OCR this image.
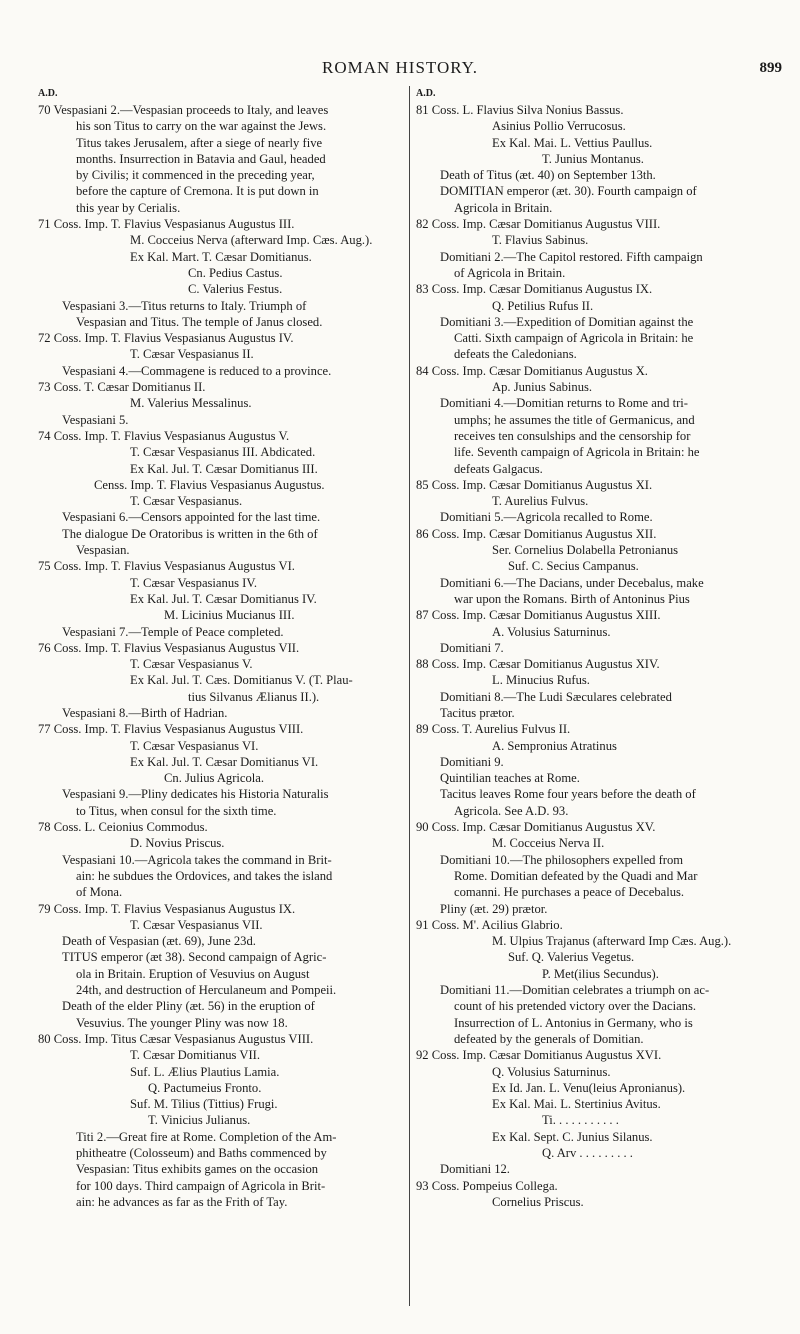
ROMAN HISTORY.	899
A.D.
70 Vespasiani 2.—Vespasian proceeds to Italy, and leaves
his son Titus to carry on the war against the Jews.
Titus takes Jerusalem, after a siege of nearly five
months. Insurrection in Batavia and Gaul, headed
by Civilis; it commenced in the preceding year,
before the capture of Cremona. It is put down in
this year by Cerialis.
71 Coss. Imp. T. Flavius Vespasianus Augustus III.
M. Cocceius Nerva (afterward Imp. Cæs. Aug.).
Ex Kal. Mart. T. Cæsar Domitianus.
Cn. Pedius Castus.
C. Valerius Festus.
Vespasiani 3.—Titus returns to Italy. Triumph of
Vespasian and Titus. The temple of Janus closed.
72 Coss. Imp. T. Flavius Vespasianus Augustus IV.
T. Cæsar Vespasianus II.
Vespasiani 4.—Commagene is reduced to a province.
73 Coss. T. Cæsar Domitianus II.
M. Valerius Messalinus.
Vespasiani 5.
74 Coss. Imp. T. Flavius Vespasianus Augustus V.
T. Cæsar Vespasianus III. Abdicated.
Ex Kal. Jul. T. Cæsar Domitianus III.
Censs. Imp. T. Flavius Vespasianus Augustus.
T. Cæsar Vespasianus.
Vespasiani 6.—Censors appointed for the last time.
The dialogue De Oratoribus is written in the 6th of
Vespasian.
75 Coss. Imp. T. Flavius Vespasianus Augustus VI.
T. Cæsar Vespasianus IV.
Ex Kal. Jul. T. Cæsar Domitianus IV.
M. Licinius Mucianus III.
Vespasiani 7.—Temple of Peace completed.
76 Coss. Imp. T. Flavius Vespasianus Augustus VII.
T. Cæsar Vespasianus V.
Ex Kal. Jul. T. Cæs. Domitianus V. (T. Plau-
tius Silvanus Ælianus II.).
Vespasiani 8.—Birth of Hadrian.
77 Coss. Imp. T. Flavius Vespasianus Augustus VIII.
T. Cæsar Vespasianus VI.
Ex Kal. Jul. T. Cæsar Domitianus VI.
Cn. Julius Agricola.
Vespasiani 9.—Pliny dedicates his Historia Naturalis
to Titus, when consul for the sixth time.
78 Coss. L. Ceionius Commodus.
D. Novius Priscus.
Vespasiani 10.—Agricola takes the command in Brit-
ain: he subdues the Ordovices, and takes the island
of Mona.
79 Coss. Imp. T. Flavius Vespasianus Augustus IX.
T. Cæsar Vespasianus VII.
Death of Vespasian (æt. 69), June 23d.
TITUS emperor (æt 38). Second campaign of Agric-
ola in Britain. Eruption of Vesuvius on August
24th, and destruction of Herculaneum and Pompeii.
Death of the elder Pliny (æt. 56) in the eruption of
Vesuvius. The younger Pliny was now 18.
80 Coss. Imp. Titus Cæsar Vespasianus Augustus VIII.
T. Cæsar Domitianus VII.
Suf. L. Ælius Plautius Lamia.
Q. Pactumeius Fronto.
Suf. M. Tilius (Tittius) Frugi.
T. Vinicius Julianus.
Titi 2.—Great fire at Rome. Completion of the Am-
phitheatre (Colosseum) and Baths commenced by
Vespasian: Titus exhibits games on the occasion
for 100 days. Third campaign of Agricola in Brit-
ain: he advances as far as the Frith of Tay.
A.D.
81 Coss. L. Flavius Silva Nonius Bassus.
Asinius Pollio Verrucosus.
Ex Kal. Mai. L. Vettius Paullus.
T. Junius Montanus.
Death of Titus (æt. 40) on September 13th.
DOMITIAN emperor (æt. 30). Fourth campaign of
Agricola in Britain.
82 Coss. Imp. Cæsar Domitianus Augustus VIII.
T. Flavius Sabinus.
Domitiani 2.—The Capitol restored. Fifth campaign
of Agricola in Britain.
83 Coss. Imp. Cæsar Domitianus Augustus IX.
Q. Petilius Rufus II.
Domitiani 3.—Expedition of Domitian against the
Catti. Sixth campaign of Agricola in Britain: he
defeats the Caledonians.
84 Coss. Imp. Cæsar Domitianus Augustus X.
Ap. Junius Sabinus.
Domitiani 4.—Domitian returns to Rome and tri-
umphs; he assumes the title of Germanicus, and
receives ten consulships and the censorship for
life. Seventh campaign of Agricola in Britain: he
defeats Galgacus.
85 Coss. Imp. Cæsar Domitianus Augustus XI.
T. Aurelius Fulvus.
Domitiani 5.—Agricola recalled to Rome.
86 Coss. Imp. Cæsar Domitianus Augustus XII.
Ser. Cornelius Dolabella Petronianus
Suf. C. Secius Campanus.
Domitiani 6.—The Dacians, under Decebalus, make
war upon the Romans. Birth of Antoninus Pius
87 Coss. Imp. Cæsar Domitianus Augustus XIII.
A. Volusius Saturninus.
Domitiani 7.
88 Coss. Imp. Cæsar Domitianus Augustus XIV.
L. Minucius Rufus.
Domitiani 8.—The Ludi Sæculares celebrated
Tacitus prætor.
89 Coss. T. Aurelius Fulvus II.
A. Sempronius Atratinus
Domitiani 9.
Quintilian teaches at Rome.
Tacitus leaves Rome four years before the death of
Agricola. See A.D. 93.
90 Coss. Imp. Cæsar Domitianus Augustus XV.
M. Cocceius Nerva II.
Domitiani 10.—The philosophers expelled from
Rome. Domitian defeated by the Quadi and Mar
comanni. He purchases a peace of Decebalus.
Pliny (æt. 29) prætor.
91 Coss. M'. Acilius Glabrio.
M. Ulpius Trajanus (afterward Imp Cæs. Aug.).
Suf. Q. Valerius Vegetus.
P. Met(ilius Secundus).
Domitiani 11.—Domitian celebrates a triumph on ac-
count of his pretended victory over the Dacians.
Insurrection of L. Antonius in Germany, who is
defeated by the generals of Domitian.
92 Coss. Imp. Cæsar Domitianus Augustus XVI.
Q. Volusius Saturninus.
Ex Id. Jan. L. Venu(leius Apronianus).
Ex Kal. Mai. L. Stertinius Avitus.
Ti. . . . . . . . . . .
Ex Kal. Sept. C. Junius Silanus.
Q. Arv . . . . . . . . .
Domitiani 12.
93 Coss. Pompeius Collega.
Cornelius Priscus.
